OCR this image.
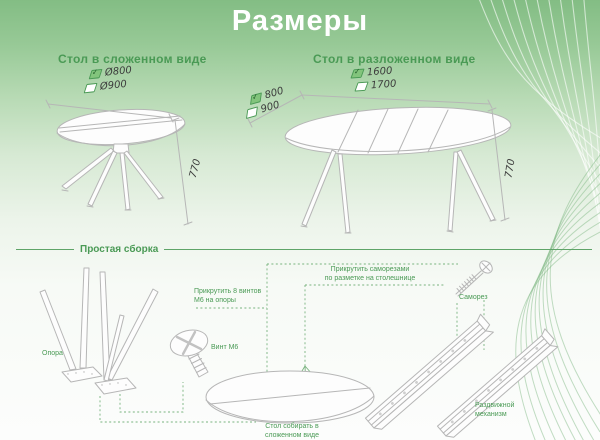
Размеры
Стол в сложенном виде
✓
Ø800
Ø900
770
Стол в разложенном виде
✓
1600
1700
✓
800
900
770
Простая сборка
Опора
Винт М6
Прикрутить 8 винтов
М6 на опоры
Прикрутить саморезами
по разметке на столешнице
Саморез
Раздвижной
механизм
Стол собирать в
сложенном виде
